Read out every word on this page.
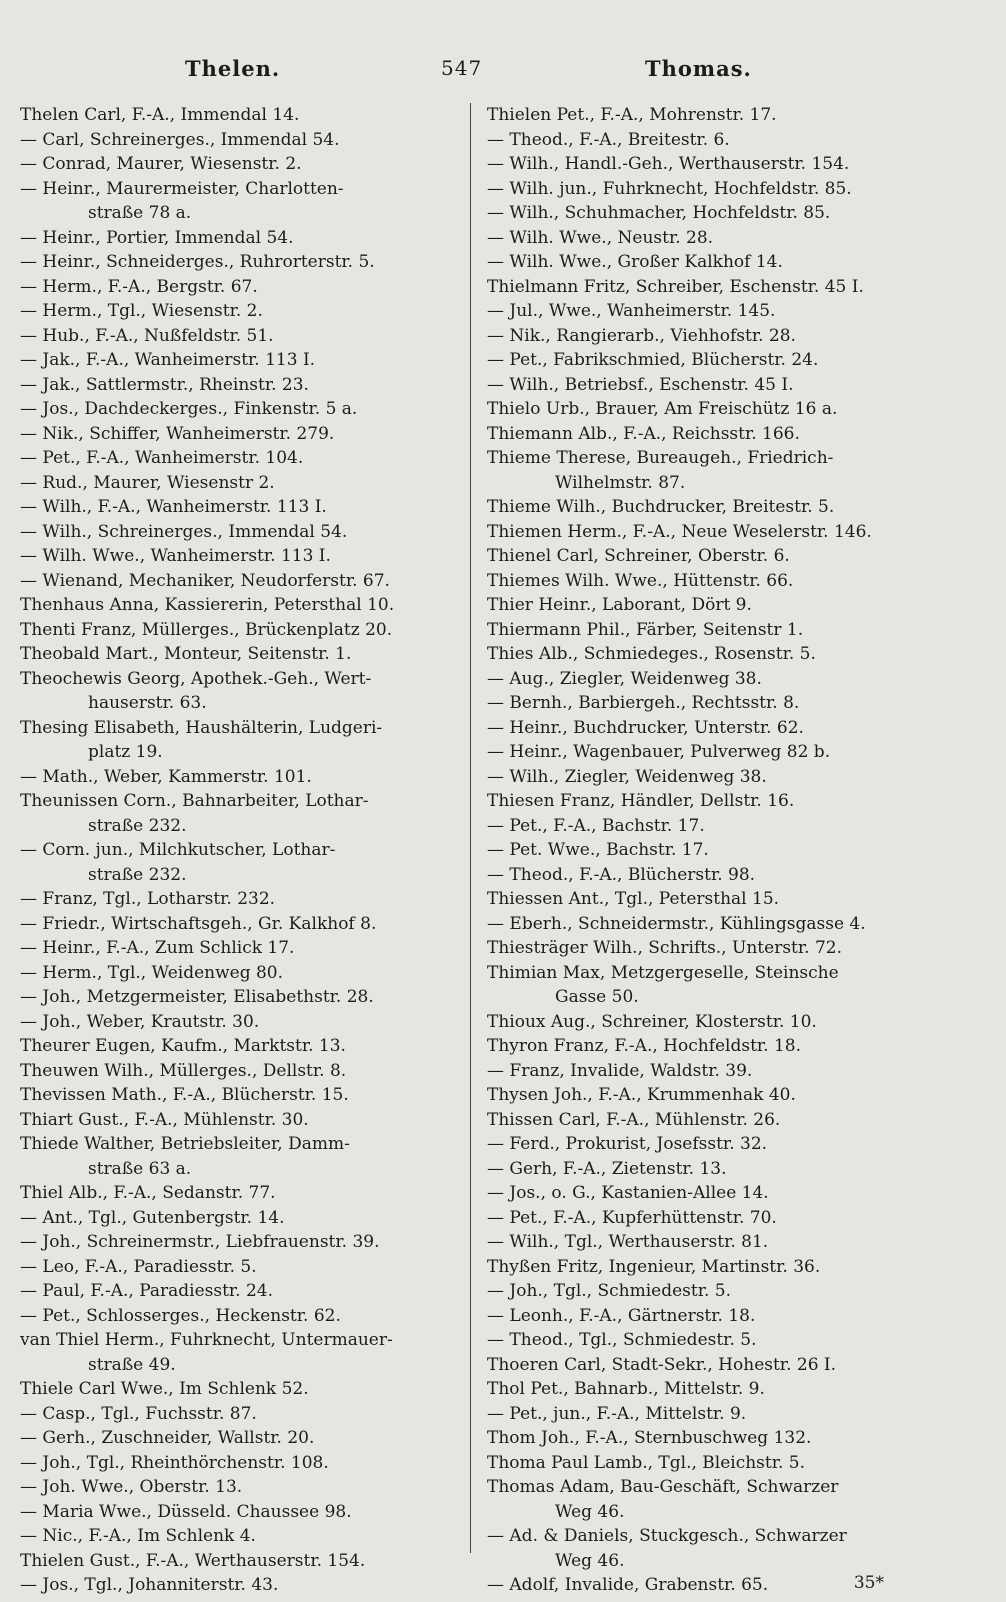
Thelen.	547	Thomas.
Thelen Carl, F.-A., Immendal 14.
— Carl, Schreinerges., Immendal 54.
— Conrad, Maurer, Wiesenstr. 2.
— Heinr., Maurermeister, Charlotten-
straße 78 a.
— Heinr., Portier, Immendal 54.
— Heinr., Schneiderges., Ruhrorterstr. 5.
— Herm., F.-A., Bergstr. 67.
— Herm., Tgl., Wiesenstr. 2.
— Hub., F.-A., Nußfeldstr. 51.
— Jak., F.-A., Wanheimerstr. 113 I.
— Jak., Sattlermstr., Rheinstr. 23.
— Jos., Dachdeckerges., Finkenstr. 5 a.
— Nik., Schiffer, Wanheimerstr. 279.
— Pet., F.-A., Wanheimerstr. 104.
— Rud., Maurer, Wiesenstr 2.
— Wilh., F.-A., Wanheimerstr. 113 I.
— Wilh., Schreinerges., Immendal 54.
— Wilh. Wwe., Wanheimerstr. 113 I.
— Wienand, Mechaniker, Neudorferstr. 67.
Thenhaus Anna, Kassiererin, Petersthal 10.
Thenti Franz, Müllerges., Brückenplatz 20.
Theobald Mart., Monteur, Seitenstr. 1.
Theochewis Georg, Apothek.-Geh., Wert-
hauserstr. 63.
Thesing Elisabeth, Haushälterin, Ludgeri-
platz 19.
— Math., Weber, Kammerstr. 101.
Theunissen Corn., Bahnarbeiter, Lothar-
straße 232.
— Corn. jun., Milchkutscher, Lothar-
straße 232.
— Franz, Tgl., Lotharstr. 232.
— Friedr., Wirtschaftsgeh., Gr. Kalkhof 8.
— Heinr., F.-A., Zum Schlick 17.
— Herm., Tgl., Weidenweg 80.
— Joh., Metzgermeister, Elisabethstr. 28.
— Joh., Weber, Krautstr. 30.
Theurer Eugen, Kaufm., Marktstr. 13.
Theuwen Wilh., Müllerges., Dellstr. 8.
Thevissen Math., F.-A., Blücherstr. 15.
Thiart Gust., F.-A., Mühlenstr. 30.
Thiede Walther, Betriebsleiter, Damm-
straße 63 a.
Thiel Alb., F.-A., Sedanstr. 77.
— Ant., Tgl., Gutenbergstr. 14.
— Joh., Schreinermstr., Liebfrauenstr. 39.
— Leo, F.-A., Paradiesstr. 5.
— Paul, F.-A., Paradiesstr. 24.
— Pet., Schlosserges., Heckenstr. 62.
van Thiel Herm., Fuhrknecht, Untermauer-
straße 49.
Thiele Carl Wwe., Im Schlenk 52.
— Casp., Tgl., Fuchsstr. 87.
— Gerh., Zuschneider, Wallstr. 20.
— Joh., Tgl., Rheinthörchenstr. 108.
— Joh. Wwe., Oberstr. 13.
— Maria Wwe., Düsseld. Chaussee 98.
— Nic., F.-A., Im Schlenk 4.
Thielen Gust., F.-A., Werthauserstr. 154.
— Jos., Tgl., Johanniterstr. 43.
Thielen Pet., F.-A., Mohrenstr. 17.
— Theod., F.-A., Breitestr. 6.
— Wilh., Handl.-Geh., Werthauserstr. 154.
— Wilh. jun., Fuhrknecht, Hochfeldstr. 85.
— Wilh., Schuhmacher, Hochfeldstr. 85.
— Wilh. Wwe., Neustr. 28.
— Wilh. Wwe., Großer Kalkhof 14.
Thielmann Fritz, Schreiber, Eschenstr. 45 I.
— Jul., Wwe., Wanheimerstr. 145.
— Nik., Rangierarb., Viehhofstr. 28.
— Pet., Fabrikschmied, Blücherstr. 24.
— Wilh., Betriebsf., Eschenstr. 45 I.
Thielo Urb., Brauer, Am Freischütz 16 a.
Thiemann Alb., F.-A., Reichsstr. 166.
Thieme Therese, Bureaugeh., Friedrich-
Wilhelmstr. 87.
Thieme Wilh., Buchdrucker, Breitestr. 5.
Thiemen Herm., F.-A., Neue Weselerstr. 146.
Thienel Carl, Schreiner, Oberstr. 6.
Thiemes Wilh. Wwe., Hüttenstr. 66.
Thier Heinr., Laborant, Dört 9.
Thiermann Phil., Färber, Seitenstr 1.
Thies Alb., Schmiedeges., Rosenstr. 5.
— Aug., Ziegler, Weidenweg 38.
— Bernh., Barbiergeh., Rechtsstr. 8.
— Heinr., Buchdrucker, Unterstr. 62.
— Heinr., Wagenbauer, Pulverweg 82 b.
— Wilh., Ziegler, Weidenweg 38.
Thiesen Franz, Händler, Dellstr. 16.
— Pet., F.-A., Bachstr. 17.
— Pet. Wwe., Bachstr. 17.
— Theod., F.-A., Blücherstr. 98.
Thiessen Ant., Tgl., Petersthal 15.
— Eberh., Schneidermstr., Kühlingsgasse 4.
Thiesträger Wilh., Schrifts., Unterstr. 72.
Thimian Max, Metzgergeselle, Steinsche
Gasse 50.
Thioux Aug., Schreiner, Klosterstr. 10.
Thyron Franz, F.-A., Hochfeldstr. 18.
— Franz, Invalide, Waldstr. 39.
Thysen Joh., F.-A., Krummenhak 40.
Thissen Carl, F.-A., Mühlenstr. 26.
— Ferd., Prokurist, Josefsstr. 32.
— Gerh, F.-A., Zietenstr. 13.
— Jos., o. G., Kastanien-Allee 14.
— Pet., F.-A., Kupferhüttenstr. 70.
— Wilh., Tgl., Werthauserstr. 81.
Thyßen Fritz, Ingenieur, Martinstr. 36.
— Joh., Tgl., Schmiedestr. 5.
— Leonh., F.-A., Gärtnerstr. 18.
— Theod., Tgl., Schmiedestr. 5.
Thoeren Carl, Stadt-Sekr., Hohestr. 26 I.
Thol Pet., Bahnarb., Mittelstr. 9.
— Pet., jun., F.-A., Mittelstr. 9.
Thom Joh., F.-A., Sternbuschweg 132.
Thoma Paul Lamb., Tgl., Bleichstr. 5.
Thomas Adam, Bau-Geschäft, Schwarzer
Weg 46.
— Ad. & Daniels, Stuckgesch., Schwarzer
Weg 46.
— Adolf, Invalide, Grabenstr. 65.	35*
